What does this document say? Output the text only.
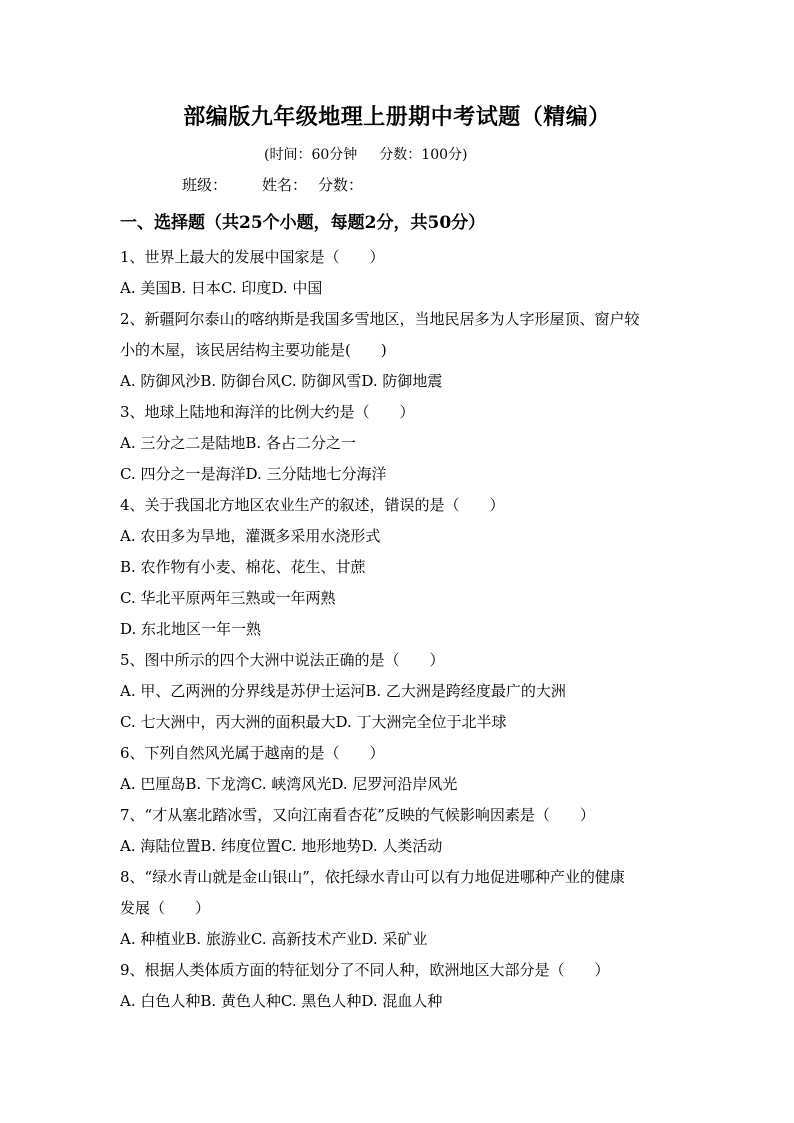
部编版九年级地理上册期中考试题（精编）
(时间：60分钟 分数：100分)
班级： 姓名： 分数：
一、选择题（共25个小题，每题2分，共50分）
1、世界上最大的发展中国家是（　　）
A. 美国B. 日本C. 印度D. 中国
2、新疆阿尔泰山的喀纳斯是我国多雪地区，当地民居多为人字形屋顶、窗户较
小的木屋，该民居结构主要功能是(　　)
A. 防御风沙B. 防御台风C. 防御风雪D. 防御地震
3、地球上陆地和海洋的比例大约是（　　）
A. 三分之二是陆地B. 各占二分之一
C. 四分之一是海洋D. 三分陆地七分海洋
4、关于我国北方地区农业生产的叙述，错误的是（　　）
A. 农田多为旱地，灌溉多采用水浇形式
B. 农作物有小麦、棉花、花生、甘蔗
C. 华北平原两年三熟或一年两熟
D. 东北地区一年一熟
5、图中所示的四个大洲中说法正确的是（　　）
A. 甲、乙两洲的分界线是苏伊士运河B. 乙大洲是跨经度最广的大洲
C. 七大洲中，丙大洲的面积最大D. 丁大洲完全位于北半球
6、下列自然风光属于越南的是（　　）
A. 巴厘岛B. 下龙湾C. 峡湾风光D. 尼罗河沿岸风光
7、“才从塞北踏冰雪，又向江南看杏花”反映的气候影响因素是（　　）
A. 海陆位置B. 纬度位置C. 地形地势D. 人类活动
8、“绿水青山就是金山银山”，依托绿水青山可以有力地促进哪种产业的健康
发展（　　）
A. 种植业B. 旅游业C. 高新技术产业D. 采矿业
9、根据人类体质方面的特征划分了不同人种，欧洲地区大部分是（　　）
A. 白色人种B. 黄色人种C. 黑色人种D. 混血人种
